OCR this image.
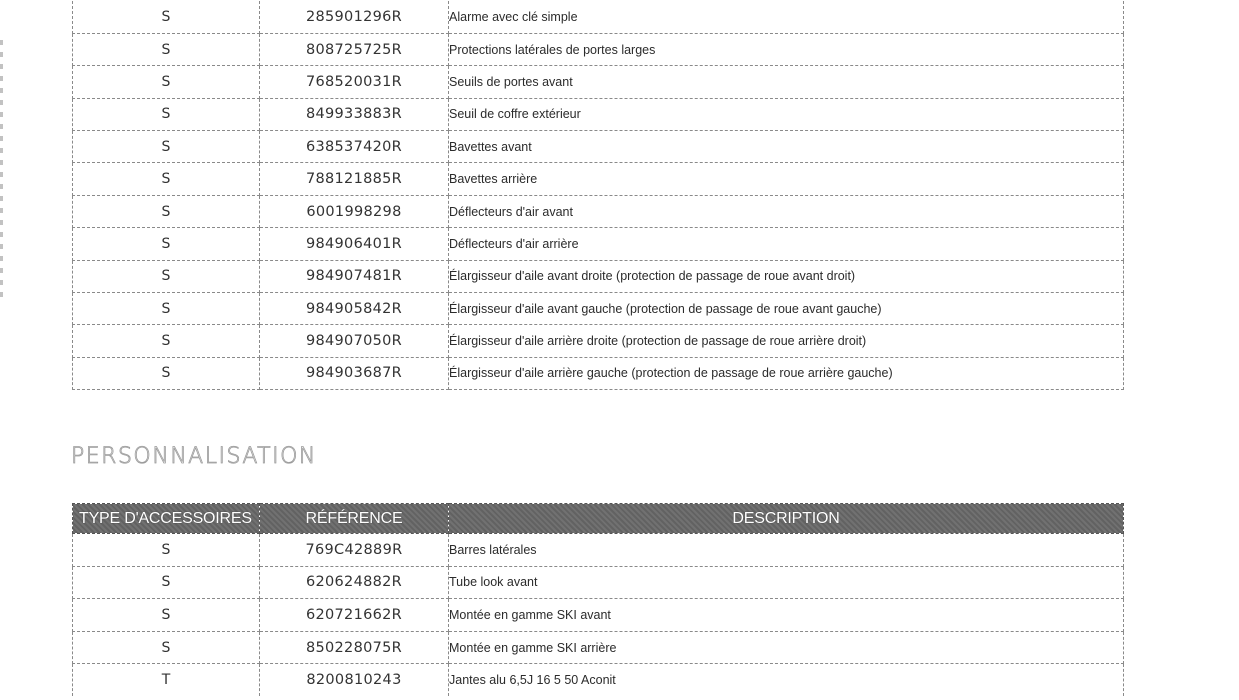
S	285901296R	Alarme avec clé simple
S	808725725R	Protections latérales de portes larges
S	768520031R	Seuils de portes avant
S	849933883R	Seuil de coffre extérieur
S	638537420R	Bavettes avant
S	788121885R	Bavettes arrière
S	6001998298	Déflecteurs d'air avant
S	984906401R	Déflecteurs d'air arrière
S	984907481R	Élargisseur d'aile avant droite (protection de passage de roue avant droit)
S	984905842R	Élargisseur d'aile avant gauche (protection de passage de roue avant gauche)
S	984907050R	Élargisseur d'aile arrière droite (protection de passage de roue arrière droit)
S	984903687R	Élargisseur d'aile arrière gauche (protection de passage de roue arrière gauche)
PERSONNALISATION
TYPE D'ACCESSOIRES	RÉFÉRENCE	DESCRIPTION
S	769C42889R	Barres latérales
S	620624882R	Tube look avant
S	620721662R	Montée en gamme SKI avant
S	850228075R	Montée en gamme SKI arrière
T	8200810243	Jantes alu 6,5J 16 5 50 Aconit
